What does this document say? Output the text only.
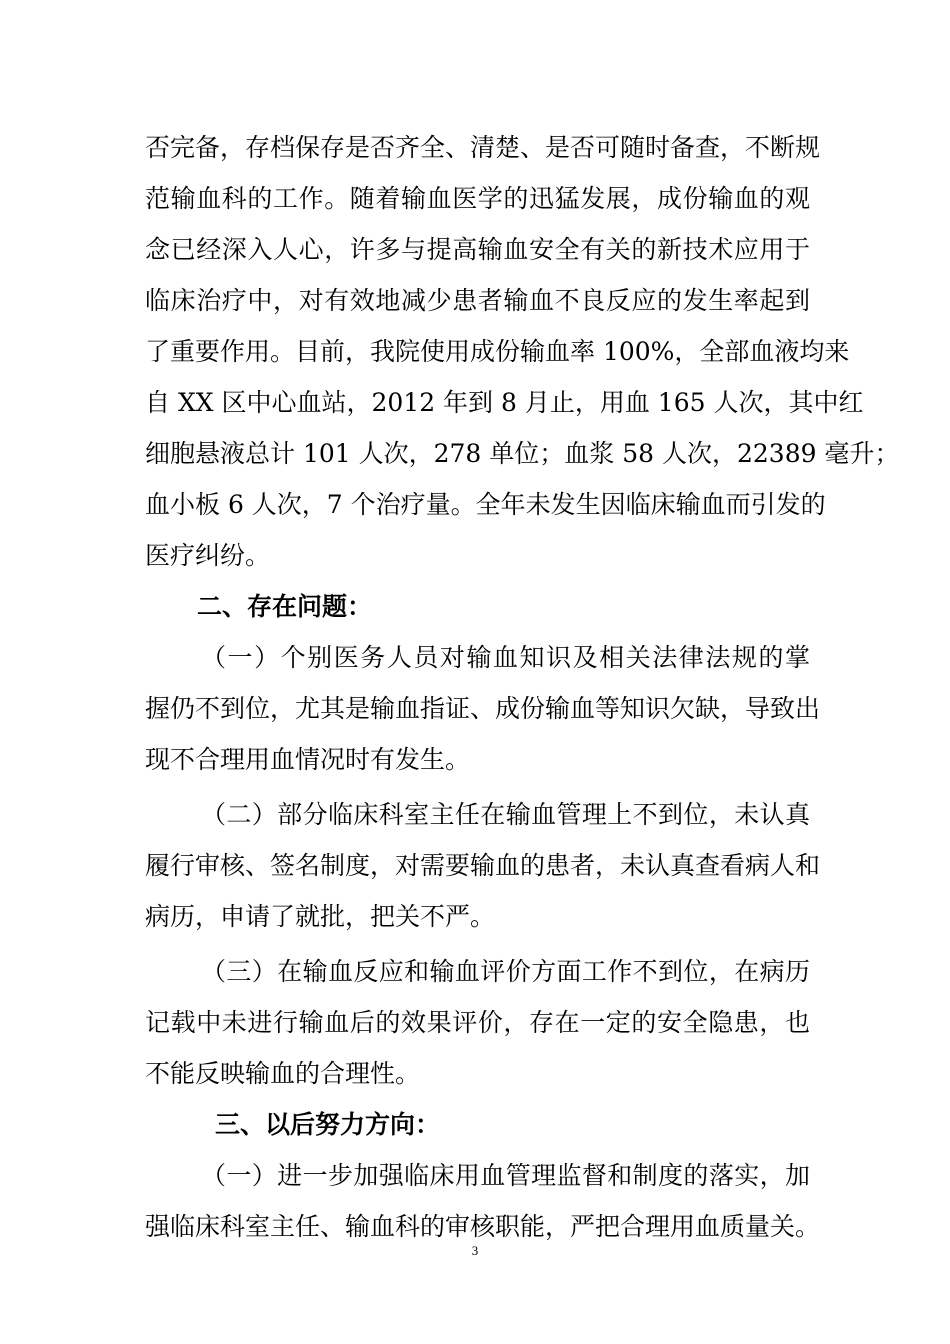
否完备，存档保存是否齐全、清楚、是否可随时备查，不断规
范输血科的工作。随着输血医学的迅猛发展，成份输血的观
念已经深入人心，许多与提高输血安全有关的新技术应用于
临床治疗中，对有效地减少患者输血不良反应的发生率起到
了重要作用。目前，我院使用成份输血率 100%，全部血液均来
自 XX 区中心血站，2012 年到 8 月止，用血 165 人次，其中红
细胞悬液总计 101 人次，278 单位；血浆 58 人次，22389 毫升；
血小板 6 人次，7 个治疗量。全年未发生因临床输血而引发的
医疗纠纷。
二、存在问题：
（一）个别医务人员对输血知识及相关法律法规的掌
握仍不到位，尤其是输血指证、成份输血等知识欠缺，导致出
现不合理用血情况时有发生。
（二）部分临床科室主任在输血管理上不到位，未认真
履行审核、签名制度，对需要输血的患者，未认真查看病人和
病历，申请了就批，把关不严。
（三）在输血反应和输血评价方面工作不到位，在病历
记载中未进行输血后的效果评价，存在一定的安全隐患，也
不能反映输血的合理性。
三、以后努力方向：
（一）进一步加强临床用血管理监督和制度的落实，加
强临床科室主任、输血科的审核职能，严把合理用血质量关。
3
